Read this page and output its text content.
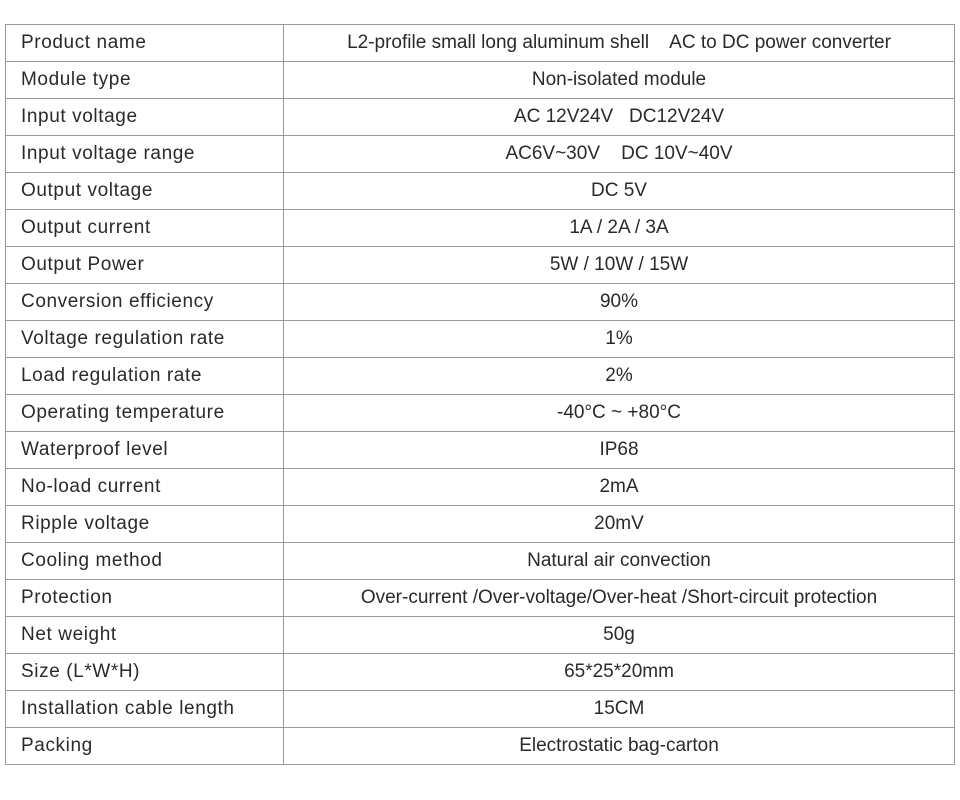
Product name	L2-profile small long aluminum shell    AC to DC power converter
Module type	Non-isolated module
Input voltage	AC 12V24V   DC12V24V
Input voltage range	AC6V~30V    DC 10V~40V
Output voltage	DC 5V
Output current	1A / 2A / 3A
Output Power	5W / 10W / 15W
Conversion efficiency	90%
Voltage regulation rate	1%
Load regulation rate	2%
Operating temperature	-40°C ~ +80°C
Waterproof level	IP68
No-load current	2mA
Ripple voltage	20mV
Cooling method	Natural air convection
Protection	Over-current /Over-voltage/Over-heat /Short-circuit protection
Net weight	50g
Size (L*W*H)	65*25*20mm
Installation cable length	15CM
Packing	Electrostatic bag-carton
